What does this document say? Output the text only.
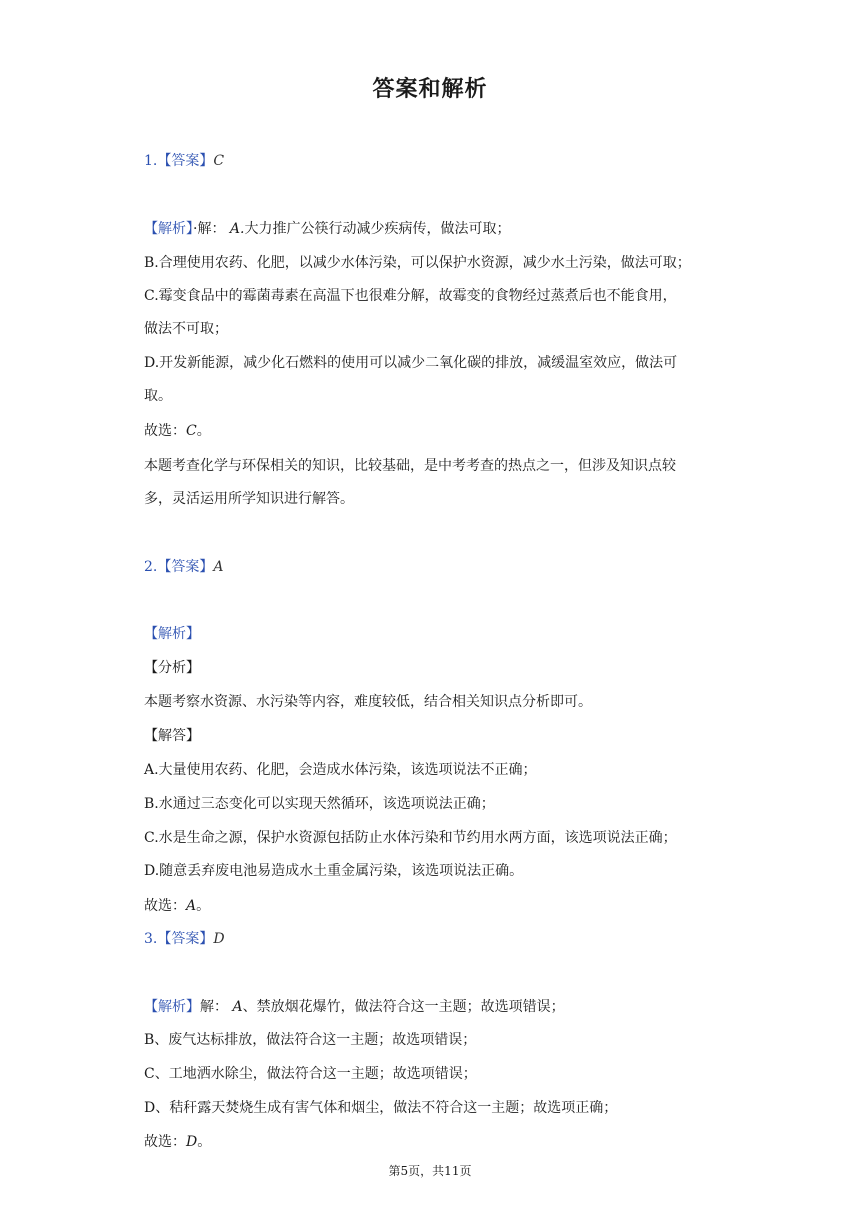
答案和解析
1.【答案】C
【解析】·解： A.大力推广公筷行动减少疾病传，做法可取；
B.合理使用农药、化肥，以减少水体污染，可以保护水资源，减少水土污染，做法可取；
C.霉变食品中的霉菌毒素在高温下也很难分解，故霉变的食物经过蒸煮后也不能食用，
做法不可取；
D.开发新能源，减少化石燃料的使用可以减少二氧化碳的排放，减缓温室效应，做法可
取。
故选：C。
本题考查化学与环保相关的知识，比较基础，是中考考查的热点之一，但涉及知识点较
多，灵活运用所学知识进行解答。
2.【答案】A
【解析】
【分析】
本题考察水资源、水污染等内容，难度较低，结合相关知识点分析即可。
【解答】
A.大量使用农药、化肥，会造成水体污染，该选项说法不正确；
B.水通过三态变化可以实现天然循环，该选项说法正确；
C.水是生命之源，保护水资源包括防止水体污染和节约用水两方面，该选项说法正确；
D.随意丢弃废电池易造成水土重金属污染，该选项说法正确。
故选：A。
3.【答案】D
【解析】解： A、禁放烟花爆竹，做法符合这一主题；故选项错误；
B、废气达标排放，做法符合这一主题；故选项错误；
C、工地洒水除尘，做法符合这一主题；故选项错误；
D、秸秆露天焚烧生成有害气体和烟尘，做法不符合这一主题；故选项正确；
故选：D。
第5页，共11页
